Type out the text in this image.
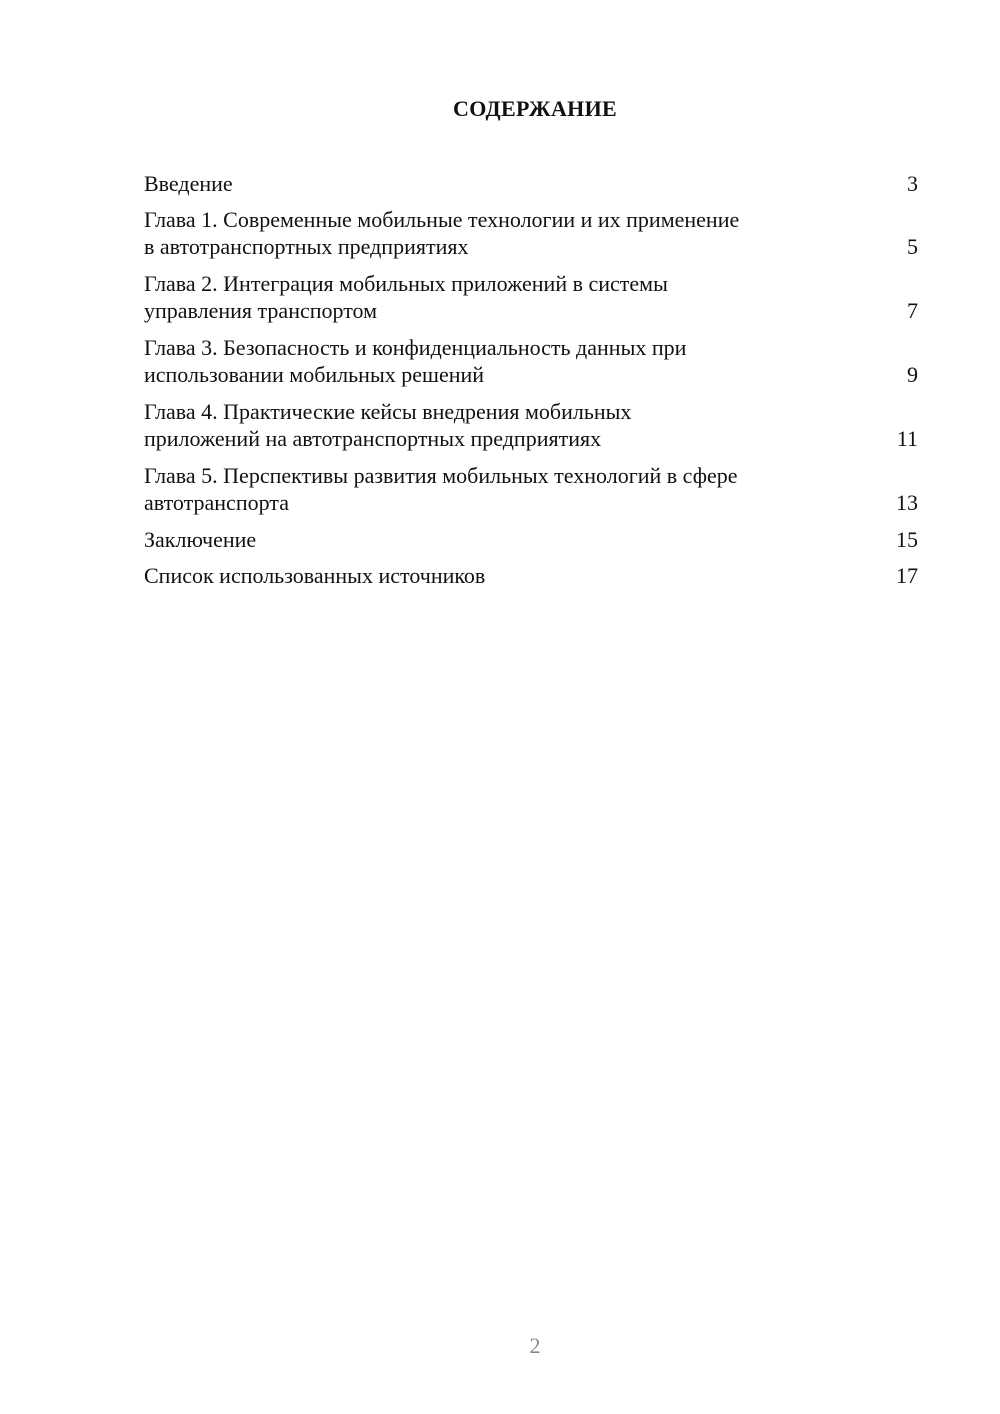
СОДЕРЖАНИЕ
Введение	3
Глава 1. Современные мобильные технологии и их применение
в автотранспортных предприятиях	5
Глава 2. Интеграция мобильных приложений в системы
управления транспортом	7
Глава 3. Безопасность и конфиденциальность данных при
использовании мобильных решений	9
Глава 4. Практические кейсы внедрения мобильных
приложений на автотранспортных предприятиях	11
Глава 5. Перспективы развития мобильных технологий в сфере
автотранспорта	13
Заключение	15
Список использованных источников	17
2
